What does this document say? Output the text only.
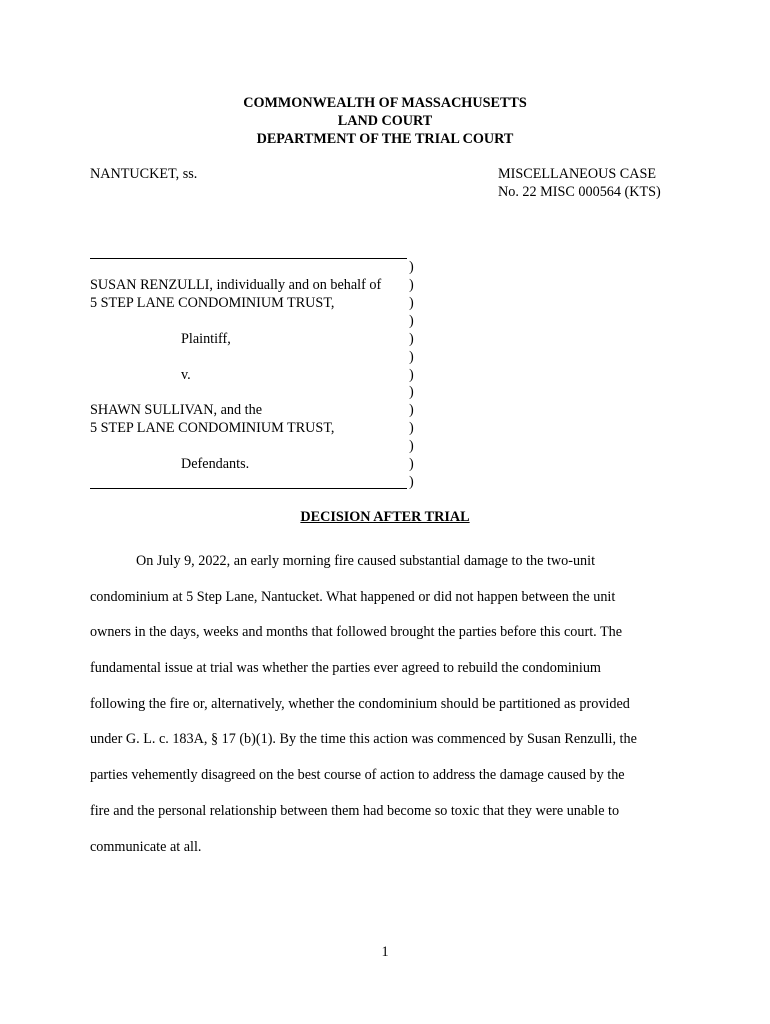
COMMONWEALTH OF MASSACHUSETTS
LAND COURT
DEPARTMENT OF THE TRIAL COURT
NANTUCKET, ss.	MISCELLANEOUS CASE
No. 22 MISC 000564 (KTS)
SUSAN RENZULLI, individually and on behalf of
5 STEP LANE CONDOMINIUM TRUST,
Plaintiff,
v.
SHAWN SULLIVAN, and the
5 STEP LANE CONDOMINIUM TRUST,
Defendants.
)
)
)
)
)
)
)
)
)
)
)
)
)
DECISION AFTER TRIAL
On July 9, 2022, an early morning fire caused substantial damage to the two-unit
condominium at 5 Step Lane, Nantucket. What happened or did not happen between the unit
owners in the days, weeks and months that followed brought the parties before this court. The
fundamental issue at trial was whether the parties ever agreed to rebuild the condominium
following the fire or, alternatively, whether the condominium should be partitioned as provided
under G. L. c. 183A, § 17 (b)(1). By the time this action was commenced by Susan Renzulli, the
parties vehemently disagreed on the best course of action to address the damage caused by the
fire and the personal relationship between them had become so toxic that they were unable to
communicate at all.
1
